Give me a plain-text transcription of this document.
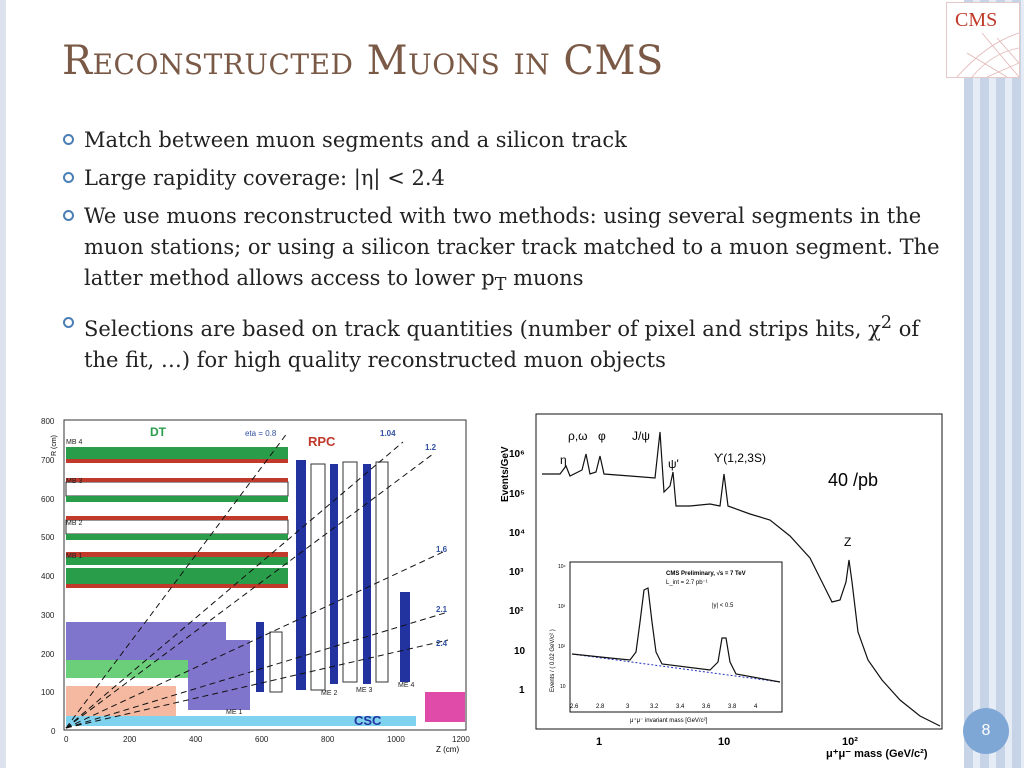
Reconstructed Muons in CMS
CMS
Match between muon segments and a silicon track
Large rapidity coverage: |η| < 2.4
We use muons reconstructed with two methods: using several segments in the muon stations; or using a silicon tracker track matched to a muon segment. The latter method allows access to lower $p_T$ muons
Selections are based on track quantities (number of pixel and strips hits, $\chi^2$ of the fit, …) for high quality reconstructed muon objects
R (cm)
800
700
600
500
400
300
200
100
0
0	200	400	600	800	1000	1200
Z (cm)
MB 4
MB 3
MB 2
MB 1
DT	eta = 0.8
RPC
CSC
1.04
1.2
1.6
2.1
2.4
ME 1
ME 2	ME 3
ME 4
Events/GeV
10⁶
10⁵
10⁴
10³
10²
10
1
1	10	10²
μ⁺μ⁻ mass (GeV/c²)
ρ,ω φ
η
J/ψ
ψ'	ϒ(1,2,3S)
Z
40 /pb
CMS Preliminary, √s = 7 TeV
L_int = 2.7 pb⁻¹
|y| < 0.5
Events / ( 0.02 GeV/c² )
10⁴
10³
10²
10
2.6	2.8	3	3.2	3.4	3.6	3.8	4
μ⁺μ⁻ invariant mass [GeV/c²]
8
